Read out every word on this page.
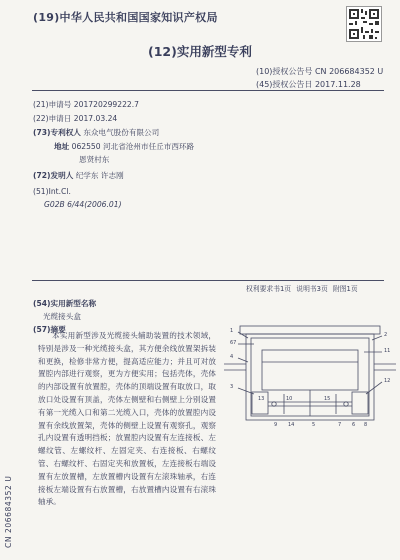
(19)中华人民共和国国家知识产权局
(12)实用新型专利
(10)授权公告号 CN 206684352 U
(45)授权公告日 2017.11.28
(21)申请号 201720299222.7
(22)申请日 2017.03.24
(73)专利权人 东众电气股份有限公司
地址 062550 河北省沧州市任丘市西环路
恩贤村东
(72)发明人 纪学东 许志刚
(51)Int.Cl.
G02B 6/44(2006.01)
权利要求书1页 说明书3页 附图1页
(54)实用新型名称
光缆接头盒
(57)摘要
本实用新型涉及光缆接头辅助装置的技术领域，特别是涉及一种光缆接头盒，其方便余线放置架拆装和更换，检修非常方便，提高适应能力；并且可对放置腔内部进行观察，更为方便实用；包括壳体，壳体的内部设置有放置腔，壳体的顶端设置有取放口，取放口处设置有顶盖，壳体左侧壁和右侧壁上分别设置有第一光缆入口和第二光缆入口，壳体的放置腔内设置有余线放置架，壳体的侧壁上设置有观察孔，观察孔内设置有透明挡板；放置腔内设置有左连接板、左螺纹管、左螺纹杆、左固定夹、右连接板、右螺纹管、右螺纹杆、右固定夹和放置板，左连接板右端设置有左放置槽，左放置槽内设置有左滚珠轴承，右连接板左端设置有右放置槽，右放置槽内设置有右滚珠轴承。
1
2
67
4
11
12
3
13	10	15
14
9	5	7 6 8
CN 206684352 U
